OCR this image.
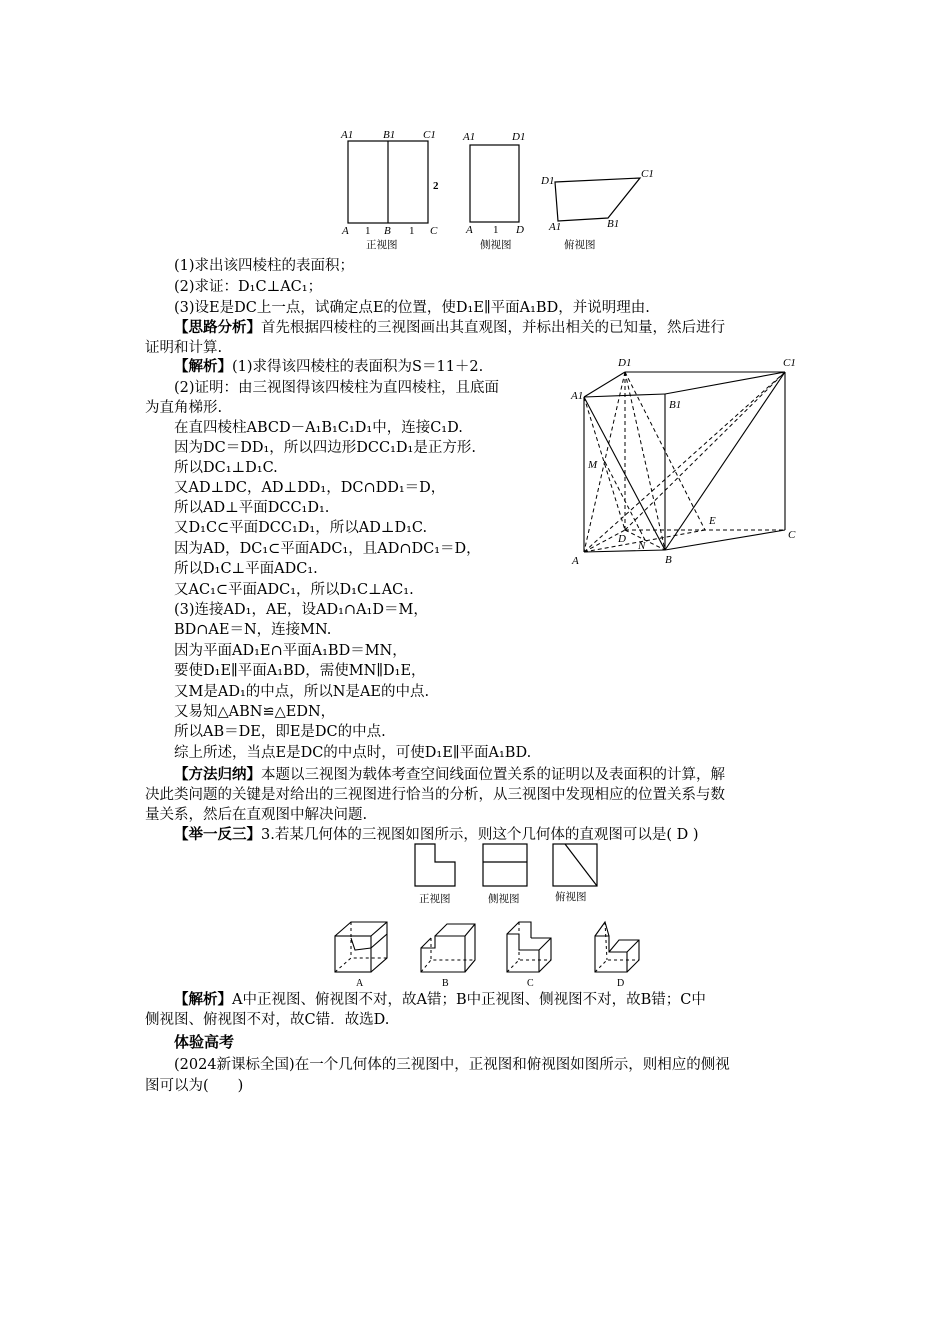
A1	B1	C1
A	B	C
1	1
2
正视图
A1	D1
A	D
1
侧视图
D1
C1
A1	B1
俯视图
(1)求出该四棱柱的表面积；
(2)求证：D₁C⊥AC₁；
(3)设E是DC上一点，试确定点E的位置，使D₁E∥平面A₁BD，并说明理由.
【思路分析】首先根据四棱柱的三视图画出其直观图，并标出相关的已知量，然后进行
证明和计算.
【解析】(1)求得该四棱柱的表面积为S＝11＋2.
(2)证明：由三视图得该四棱柱为直四棱柱，且底面
为直角梯形.
在直四棱柱ABCD－A₁B₁C₁D₁中，连接C₁D.
因为DC＝DD₁，所以四边形DCC₁D₁是正方形.
所以DC₁⊥D₁C.
又AD⊥DC，AD⊥DD₁，DC∩DD₁＝D，
所以AD⊥平面DCC₁D₁.
又D₁C⊂平面DCC₁D₁，所以AD⊥D₁C.
因为AD，DC₁⊂平面ADC₁，且AD∩DC₁＝D，
所以D₁C⊥平面ADC₁.
又AC₁⊂平面ADC₁，所以D₁C⊥AC₁.
(3)连接AD₁，AE，设AD₁∩A₁D＝M，
BD∩AE＝N，连接MN.
因为平面AD₁E∩平面A₁BD＝MN，
要使D₁E∥平面A₁BD，需使MN∥D₁E，
又M是AD₁的中点，所以N是AE的中点.
又易知△ABN≌△EDN，
所以AB＝DE，即E是DC的中点.
综上所述，当点E是DC的中点时，可使D₁E∥平面A₁BD.
D1	C1
A1
B1
M
E
D
N
C
A	B
【方法归纳】本题以三视图为载体考查空间线面位置关系的证明以及表面积的计算，解
决此类问题的关键是对给出的三视图进行恰当的分析，从三视图中发现相应的位置关系与数
量关系，然后在直观图中解决问题.
【举一反三】3.若某几何体的三视图如图所示，则这个几何体的直观图可以是( D )
正视图	侧视图	俯视图
A	B	C	D
【解析】A中正视图、俯视图不对，故A错；B中正视图、侧视图不对，故B错；C中
侧视图、俯视图不对，故C错．故选D.
体验高考
(2024新课标全国)在一个几何体的三视图中，正视图和俯视图如图所示，则相应的侧视
图可以为(　　)
